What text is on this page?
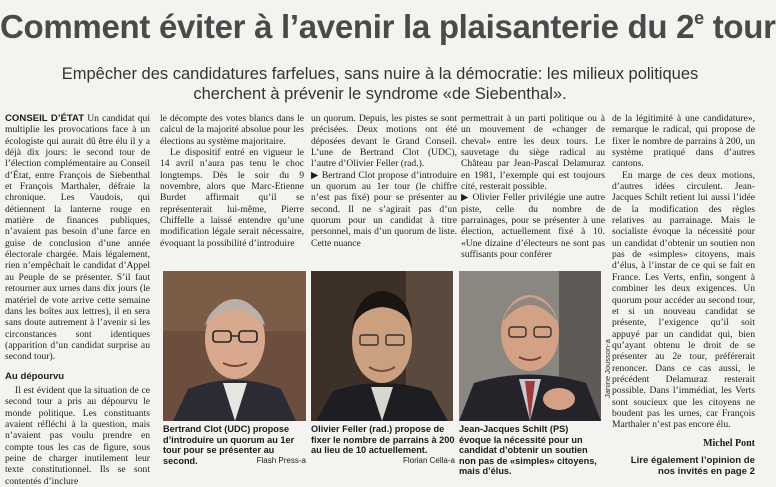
Comment éviter à l’avenir la plaisanterie du 2e tour
Empêcher des candidatures farfelues, sans nuire à la démocratie: les milieux politiques cherchent à prévenir le syndrome «de Siebenthal».

CONSEIL D’ÉTAT Un candidat qui multiplie les provocations face à un écologiste qui aurait dû être élu il y a déjà dix jours: le second tour de l’élection complémentaire au Conseil d’État, entre François de Siebenthal et François Marthaler, défraie la chronique. Les Vaudois, qui détiennent la lanterne rouge en matière de finances publiques, n’avaient pas besoin d’une farce en guise de conclusion d’une année électorale chargée. Mais légalement, rien n’empêchait le candidat d’Appel au Peuple de se présenter. S’il faut retourner aux urnes dans dix jours (le matériel de vote arrive cette semaine dans les boîtes aux lettres), il en sera sans doute autrement à l’avenir si les circonstances sont identiques (apparition d’un candidat surprise au second tour).

Au dépourvu

Il est évident que la situation de ce second tour a pris au dépourvu le monde politique. Les constituants avaient réfléchi à la question, mais n’avaient pas voulu prendre en compte tous les cas de figure, sous peine de charger inutilement leur texte constitutionnel. Ils se sont contentés d’inclure

le décompte des votes blancs dans le calcul de la majorité absolue pour les élections au système majoritaire.

Le dispositif entré en vigueur le 14 avril n’aura pas tenu le choc longtemps. Dès le soir du 9 novembre, alors que Marc-Etienne Burdet affirmait qu’il se représenterait lui-même, Pierre Chiffelle a laissé entendre qu’une modification légale serait nécessaire, évoquant la possibilité d’introduire

un quorum. Depuis, les pistes se sont précisées. Deux motions ont été déposées devant le Grand Conseil. L’une de Bertrand Clot (UDC), l’autre d’Olivier Feller (rad.).

▶ Bertrand Clot propose d’introduire un quorum au 1er tour (le chiffre n’est pas fixé) pour se présenter au second. Il ne s’agirait pas d’un quorum pour un candidat à titre personnel, mais d’un quorum de liste. Cette nuance

permettrait à un parti politique ou à un mouvement de «changer de cheval» entre les deux tours. Le sauvetage du siège radical au Château par Jean-Pascal Delamuraz en 1981, l’exemple qui est toujours cité, resterait possible.

▶ Olivier Feller privilégie une autre piste, celle du nombre de parrainages, pour se présenter à une élection, actuellement fixé à 10. «Une dizaine d’électeurs ne sont pas suffisants pour conférer

de la légitimité à une candidature», remarque le radical, qui propose de fixer le nombre de parrains à 200, un système pratiqué dans d’autres cantons.

En marge de ces deux motions, d’autres idées circulent. Jean-Jacques Schilt retient lui aussi l’idée de la modification des règles relatives au parrainage. Mais le socialiste évoque la nécessité pour un candidat d’obtenir un soutien non pas de «simples» citoyens, mais d’élus, à l’instar de ce qui se fait en France. Les Verts, enfin, songent à combiner les deux exigences. Un quorum pour accéder au second tour, et si un nouveau candidat se présente, l’exigence qu’il soit appuyé par un candidat qui, bien qu’ayant obtenu le droit de se présenter au 2e tour, préférerait renoncer. Dans ce cas aussi, le précédent Delamuraz resterait possible. Dans l’immédiat, les Verts sont soucieux que les citoyens ne boudent pas les urnes, car François Marthaler n’est pas encore élu.

Michel Pont
Lire également l’opinion de nos invités en page 2
Janine Jousson-a
Bertrand Clot (UDC) propose d’introduire un quorum au 1er tour pour se présenter au second.	Flash Press-a
Olivier Feller (rad.) propose de fixer le nombre de parrains à 200 au lieu de 10 actuellement.
Florian Cella-a
Jean-Jacques Schilt (PS) évoque la nécessité pour un candidat d’obtenir un soutien non pas de «simples» citoyens, mais d’élus.
